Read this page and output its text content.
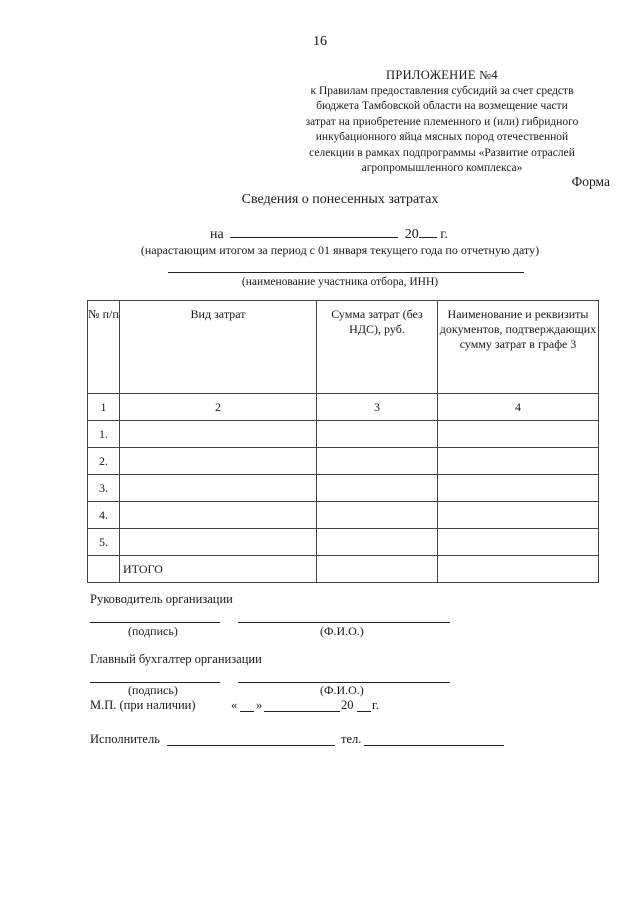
16
ПРИЛОЖЕНИЕ №4
к Правилам предоставления субсидий за счет средств
бюджета Тамбовской области на возмещение части
затрат на приобретение племенного и (или) гибридного
инкубационного яйца мясных пород отечественной
селекции в рамках подпрограммы «Развитие отраслей
агропромышленного комплекса»
Форма
Сведения о понесенных затратах
на	20 г.
(нарастающим итогом за период с 01 января текущего года по отчетную дату)
(наименование участника отбора, ИНН)
№ п/п	Вид затрат	Сумма затрат (без НДС), руб.	Наименование и реквизиты документов, подтверждающих сумму затрат в графе 3
1	2	3	4
1.			
2.			
3.			
4.			
5.			
	ИТОГО		
Руководитель организации
(подпись)	(Ф.И.О.)
Главный бухгалтер организации
(подпись)	(Ф.И.О.)
М.П. (при наличии)	« »	20 г.
Исполнитель	тел.
